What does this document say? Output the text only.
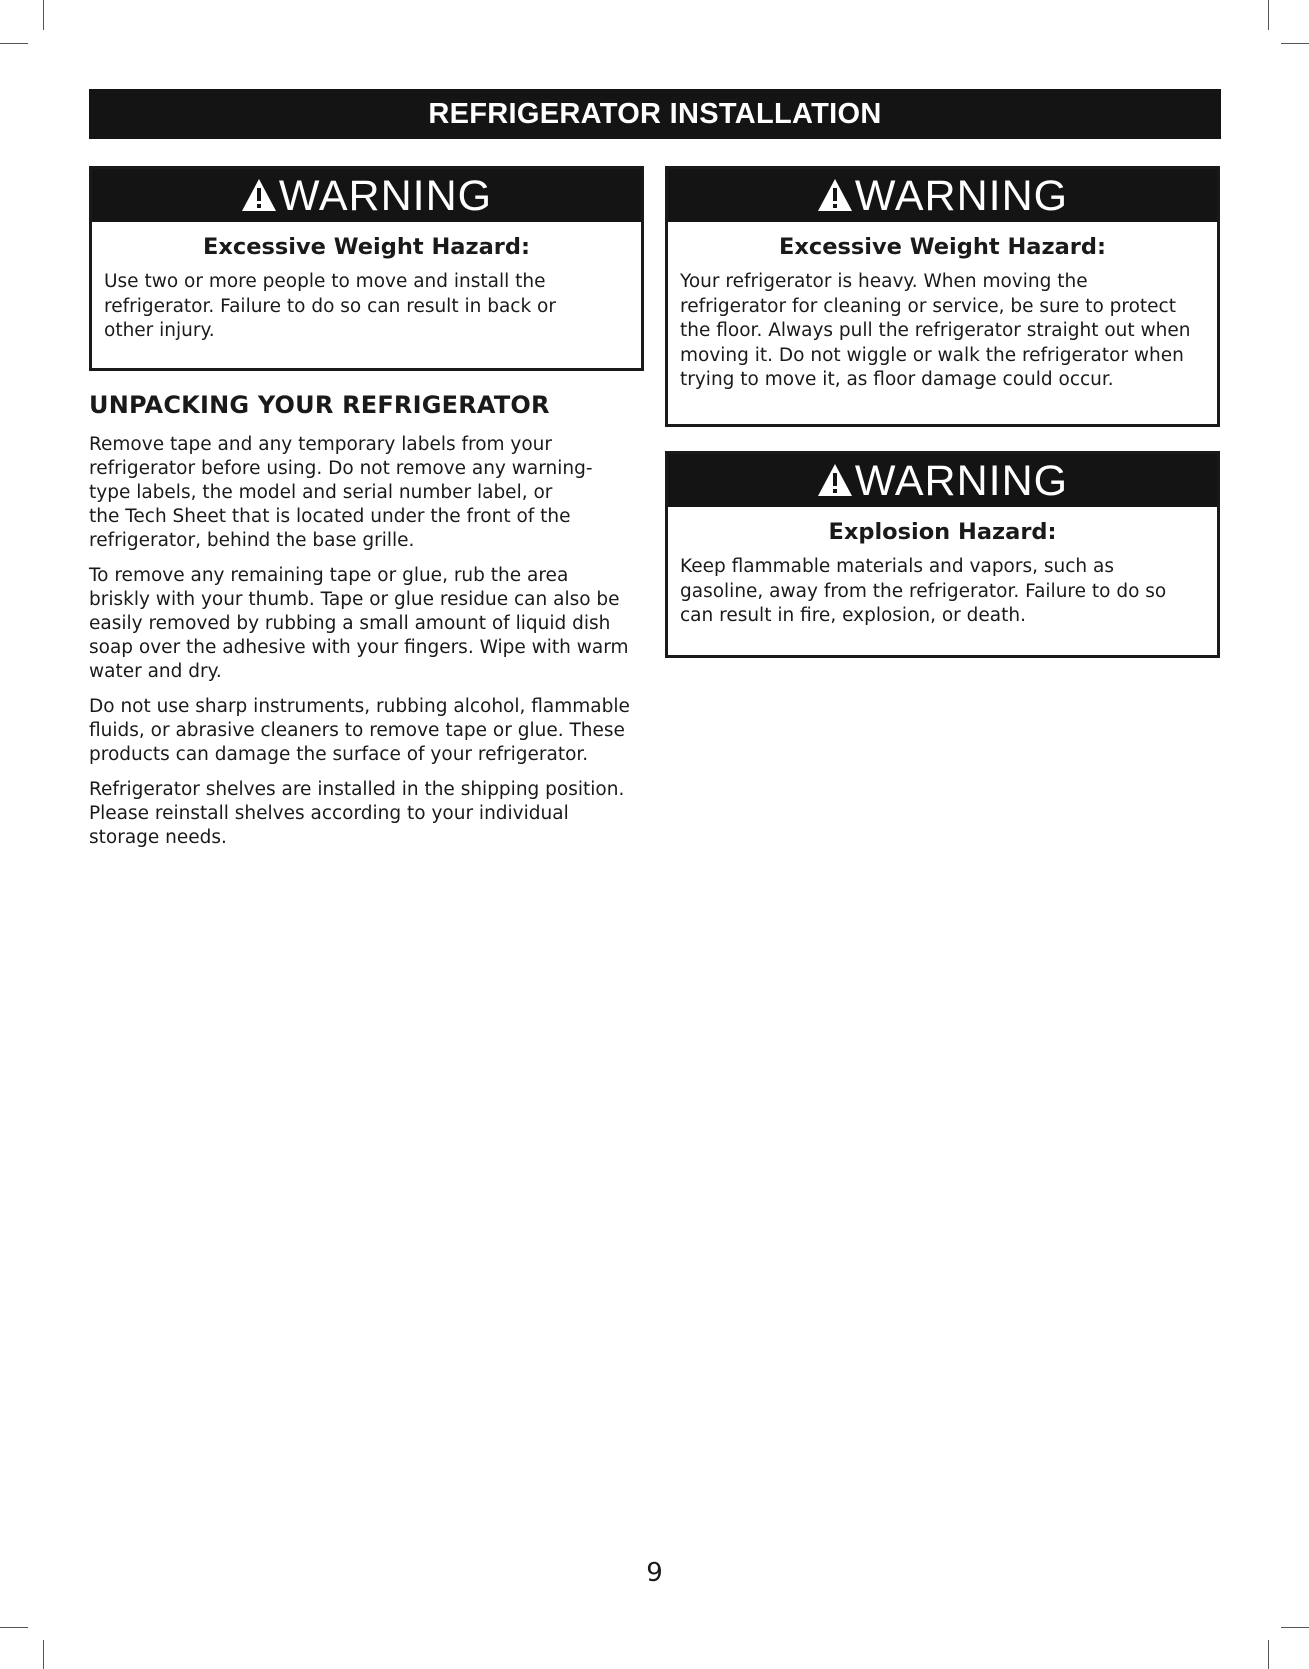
REFRIGERATOR INSTALLATION
WARNING
Excessive Weight Hazard:
Use two or more people to move and install the
refrigerator. Failure to do so can result in back or
other injury.
WARNING
Excessive Weight Hazard:
Your refrigerator is heavy. When moving the
refrigerator for cleaning or service, be sure to protect
the floor. Always pull the refrigerator straight out when
moving it. Do not wiggle or walk the refrigerator when
trying to move it, as floor damage could occur.
WARNING
Explosion Hazard:
Keep flammable materials and vapors, such as
gasoline, away from the refrigerator. Failure to do so
can result in fire, explosion, or death.
UNPACKING YOUR REFRIGERATOR

Remove tape and any temporary labels from your
refrigerator before using. Do not remove any warning-
type labels, the model and serial number label, or
the Tech Sheet that is located under the front of the
refrigerator, behind the base grille.

To remove any remaining tape or glue, rub the area
briskly with your thumb. Tape or glue residue can also be
easily removed by rubbing a small amount of liquid dish
soap over the adhesive with your fingers. Wipe with warm
water and dry.

Do not use sharp instruments, rubbing alcohol, flammable
fluids, or abrasive cleaners to remove tape or glue. These
products can damage the surface of your refrigerator.

Refrigerator shelves are installed in the shipping position.
Please reinstall shelves according to your individual
storage needs.

9
